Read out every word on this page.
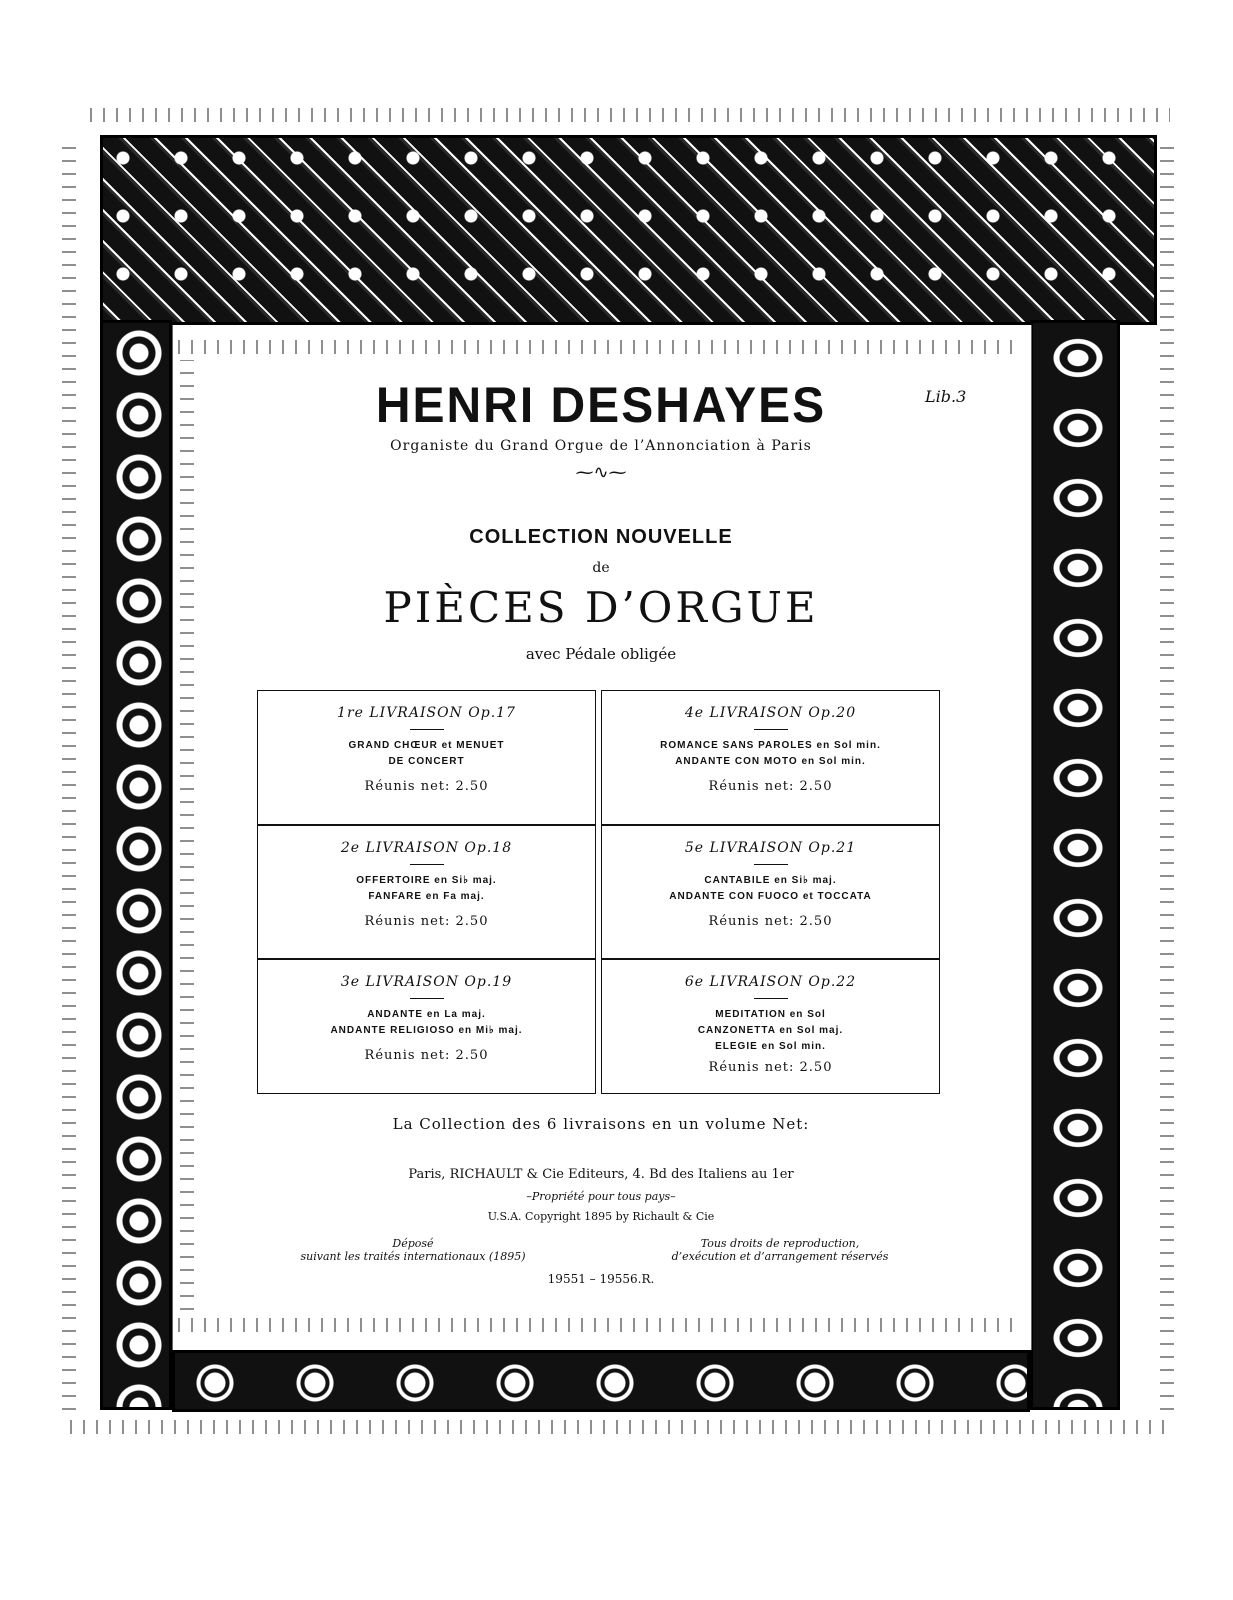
Lib.3
HENRI DESHAYES
Organiste du Grand Orgue de l’Annonciation à Paris
⁓∿⁓
COLLECTION NOUVELLE
de
PIÈCES D’ORGUE
avec Pédale obligée
1re LIVRAISON Op.17
GRAND CHŒUR et MENUET
DE CONCERT
Réunis net: 2.50
4e LIVRAISON Op.20
ROMANCE SANS PAROLES en Sol min.
ANDANTE CON MOTO en Sol min.
Réunis net: 2.50
2e LIVRAISON Op.18
OFFERTOIRE en Si♭ maj.
FANFARE en Fa maj.
Réunis net: 2.50
5e LIVRAISON Op.21
CANTABILE en Si♭ maj.
ANDANTE CON FUOCO et TOCCATA
Réunis net: 2.50
3e LIVRAISON Op.19
ANDANTE en La maj.
ANDANTE RELIGIOSO en Mi♭ maj.
Réunis net: 2.50
6e LIVRAISON Op.22
MEDITATION en Sol
CANZONETTA en Sol maj.
ELEGIE en Sol min.
Réunis net: 2.50
La Collection des 6 livraisons en un volume Net:
Paris, RICHAULT & Cie Editeurs, 4. Bd des Italiens au 1er
–Propriété pour tous pays–
U.S.A. Copyright 1895 by Richault & Cie
Déposé
suivant les traités internationaux (1895)
Tous droits de reproduction,
d’exécution et d’arrangement réservés
19551 – 19556.R.
